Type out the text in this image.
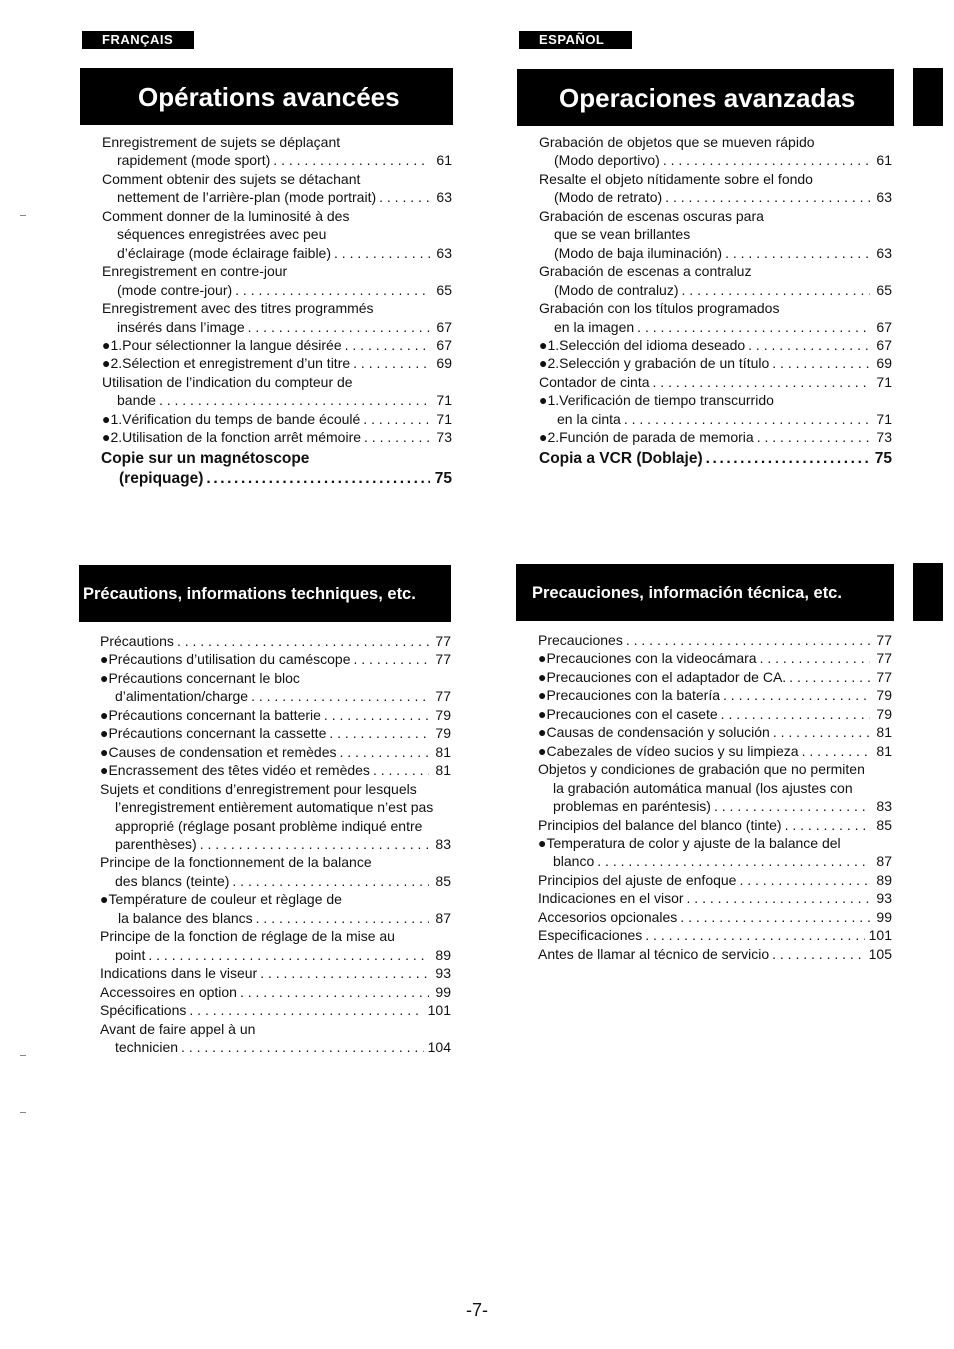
FRANÇAIS
Opérations avancées
Enregistrement de sujets se déplaçant
rapidement (mode sport) . . .	61
Comment obtenir des sujets se détachant
nettement de l’arrière-plan (mode portrait) . . .	63
Comment donner de la luminosité à des
séquences enregistrées avec peu
d’éclairage (mode éclairage faible) . . .	63
Enregistrement en contre-jour
(mode contre-jour) . . .	65
Enregistrement avec des titres programmés
insérés dans l’image . . .	67
●1.Pour sélectionner la langue désirée . . .	67
●2.Sélection et enregistrement d’un titre . . .	69
Utilisation de l’indication du compteur de
bande . . .	71
●1.Vérification du temps de bande écoulé . . .	71
●2.Utilisation de la fonction arrêt mémoire . . .	73
Copie sur un magnétoscope
(repiquage) .....	75
Précautions, informations techniques, etc.
Précautions . . .	77
●Précautions d’utilisation du caméscope . . .	77
●Précautions concernant le bloc
d’alimentation/charge . . .	77
●Précautions concernant la batterie . . .	79
●Précautions concernant la cassette . . .	79
●Causes de condensation et remèdes . . .	81
●Encrassement des têtes vidéo et remèdes . . .	81
Sujets et conditions d’enregistrement pour lesquels
l’enregistrement entièrement automatique n’est pas
approprié (réglage posant problème indiqué entre
parenthèses) . . .	83
Principe de la fonctionnement de la balance
des blancs (teinte) . . .	85
●Température de couleur et règlage de
la balance des blancs . . .	87
Principe de la fonction de réglage de la mise au
point . . .	89
Indications dans le viseur . . .	93
Accessoires en option . . .	99
Spécifications . . .	101
Avant de faire appel à un
technicien . . .	104
ESPAÑOL
Operaciones avanzadas
Grabación de objetos que se mueven rápido
(Modo deportivo) . . .	61
Resalte el objeto nítidamente sobre el fondo
(Modo de retrato) . . .	63
Grabación de escenas oscuras para
que se vean brillantes
(Modo de baja iluminación) . . .	63
Grabación de escenas a contraluz
(Modo de contraluz) . . .	65
Grabación con los títulos programados
en la imagen . . .	67
●1.Selección del idioma deseado . . .	67
●2.Selección y grabación de un título . . .	69
Contador de cinta . . .	71
●1.Verificación de tiempo transcurrido
en la cinta . . .	71
●2.Función de parada de memoria . . .	73
Copia a VCR (Doblaje) .....	75
Precauciones, información técnica, etc.
Precauciones . . .	77
●Precauciones con la videocámara . . .	77
●Precauciones con el adaptador de CA. . . .	77
●Precauciones con la batería . . .	79
●Precauciones con el casete . . .	79
●Causas de condensación y solución . . .	81
●Cabezales de vídeo sucios y su limpieza . . .	81
Objetos y condiciones de grabación que no permiten
la grabación automática manual (los ajustes con
problemas en paréntesis) . . .	83
Principios del balance del blanco (tinte) . . .	85
●Temperatura de color y ajuste de la balance del
blanco . . .	87
Principios del ajuste de enfoque . . .	89
Indicaciones en el visor . . .	93
Accesorios opcionales . . .	99
Especificaciones . . .	101
Antes de llamar al técnico de servicio . . .	105
-7-
